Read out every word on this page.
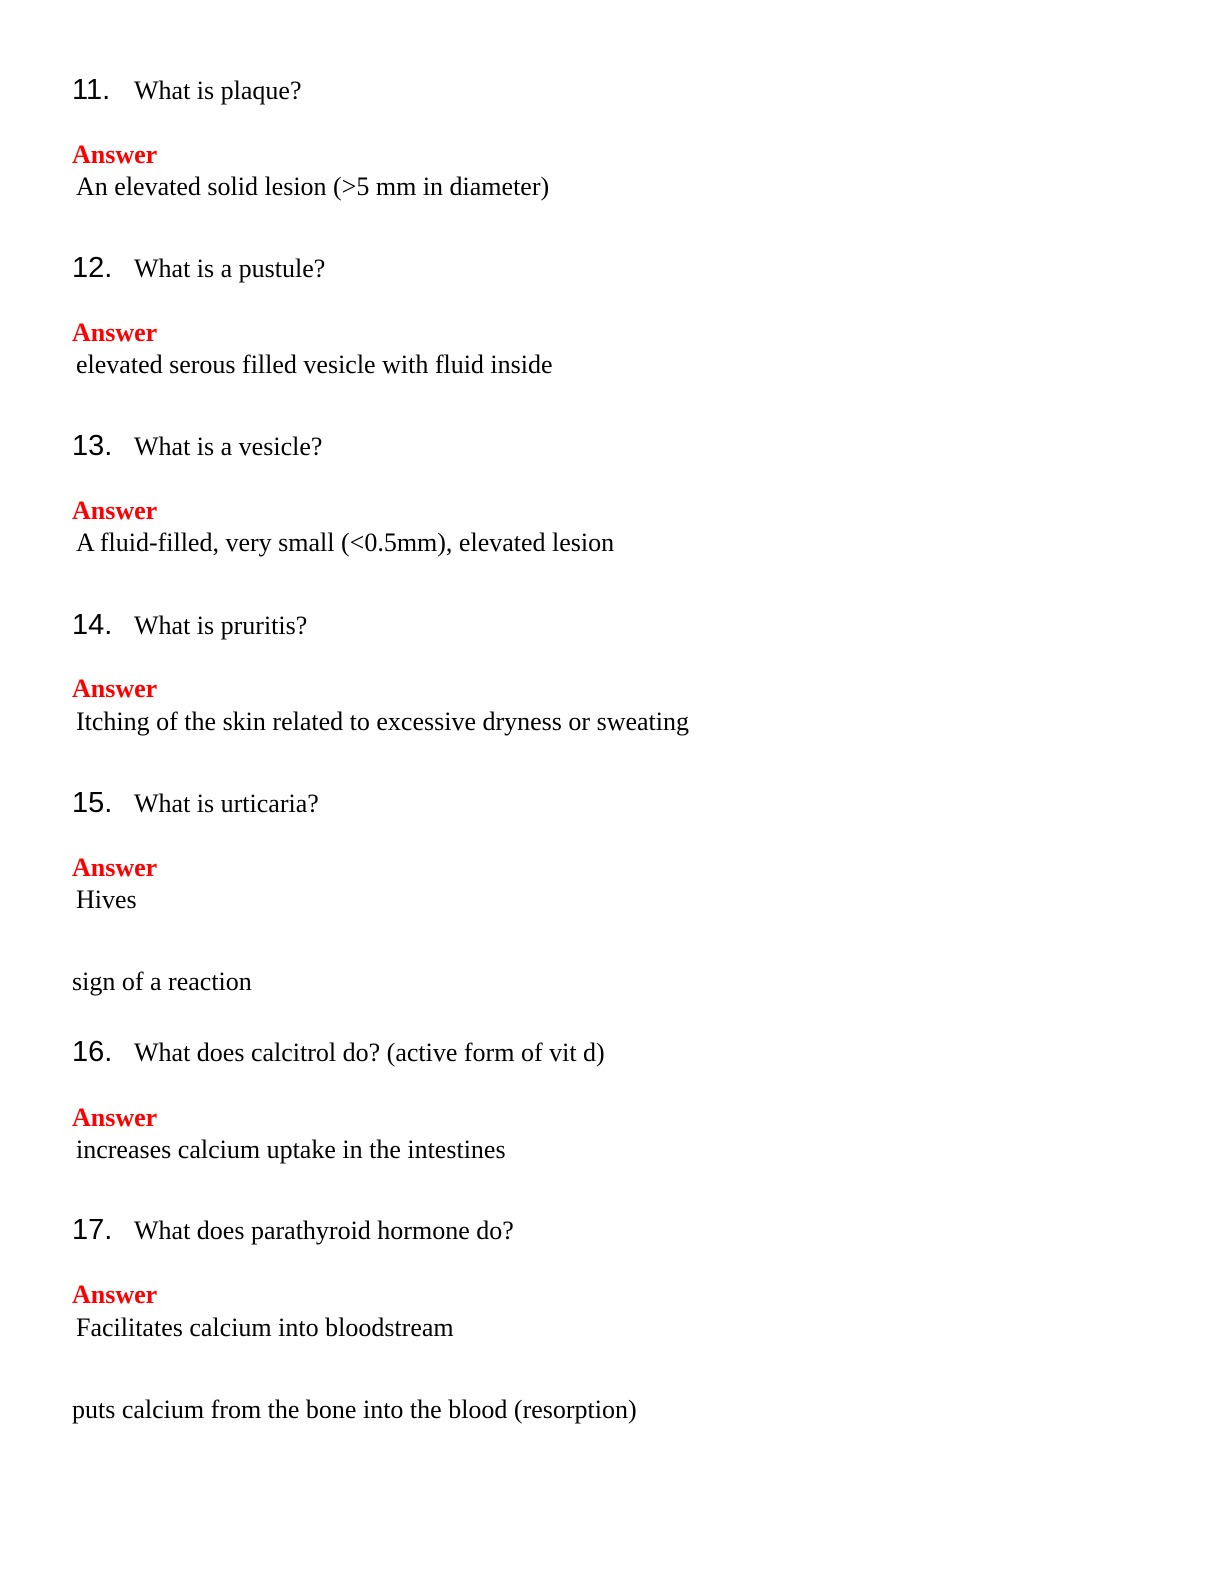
11. What is plaque?
Answer
An elevated solid lesion (>5 mm in diameter)
12. What is a pustule?
Answer
elevated serous filled vesicle with fluid inside
13. What is a vesicle?
Answer
A fluid-filled, very small (<0.5mm), elevated lesion
14. What is pruritis?
Answer
Itching of the skin related to excessive dryness or sweating
15. What is urticaria?
Answer
Hives
sign of a reaction
16. What does calcitrol do? (active form of vit d)
Answer
increases calcium uptake in the intestines
17. What does parathyroid hormone do?
Answer
Facilitates calcium into bloodstream
puts calcium from the bone into the blood (resorption)
